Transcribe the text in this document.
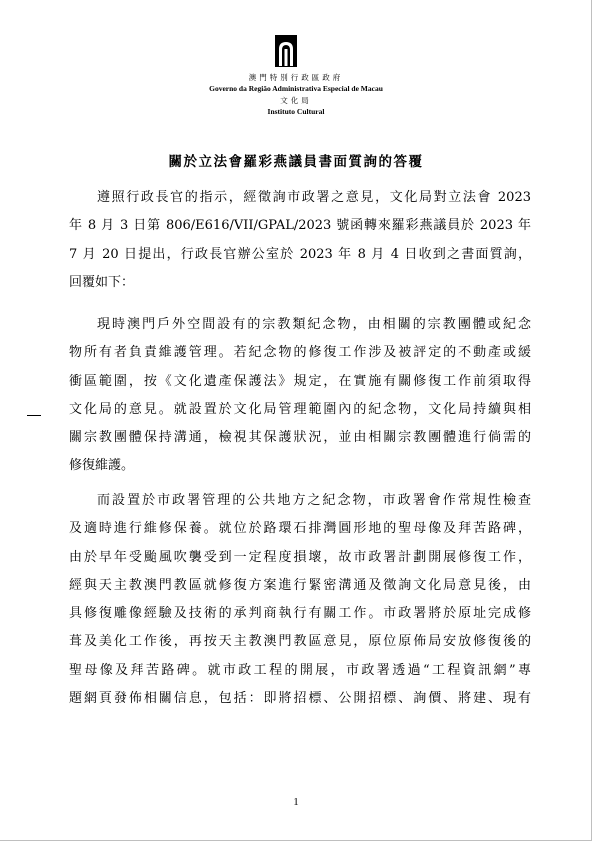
澳門特別行政區政府
Governo da Região Administrativa Especial de Macau
文化局
Instituto Cultural
關於立法會羅彩燕議員書面質詢的答覆
遵照行政長官的指示，經徵詢市政署之意見，文化局對立法會 2023
年 8 月 3 日第 806/E616/VII/GPAL/2023 號函轉來羅彩燕議員於 2023 年
7 月 20 日提出，行政長官辦公室於 2023 年 8 月 4 日收到之書面質詢，
回覆如下：
現時澳門戶外空間設有的宗教類紀念物，由相關的宗教團體或紀念
物所有者負責維護管理。若紀念物的修復工作涉及被評定的不動產或緩
衝區範圍，按《文化遺產保護法》規定，在實施有關修復工作前須取得
文化局的意見。就設置於文化局管理範圍內的紀念物，文化局持續與相
關宗教團體保持溝通，檢視其保護狀況，並由相關宗教團體進行倘需的
修復維護。
而設置於市政署管理的公共地方之紀念物，市政署會作常規性檢查
及適時進行維修保養。就位於路環石排灣圓形地的聖母像及拜苦路碑，
由於早年受颱風吹襲受到一定程度損壞，故市政署計劃開展修復工作，
經與天主教澳門教區就修復方案進行緊密溝通及徵詢文化局意見後，由
具修復雕像經驗及技術的承判商執行有關工作。市政署將於原址完成修
葺及美化工作後，再按天主教澳門教區意見，原位原佈局安放修復後的
聖母像及拜苦路碑。就市政工程的開展，市政署透過“工程資訊網”專
題網頁發佈相關信息，包括：即將招標、公開招標、詢價、將建、現有
1
